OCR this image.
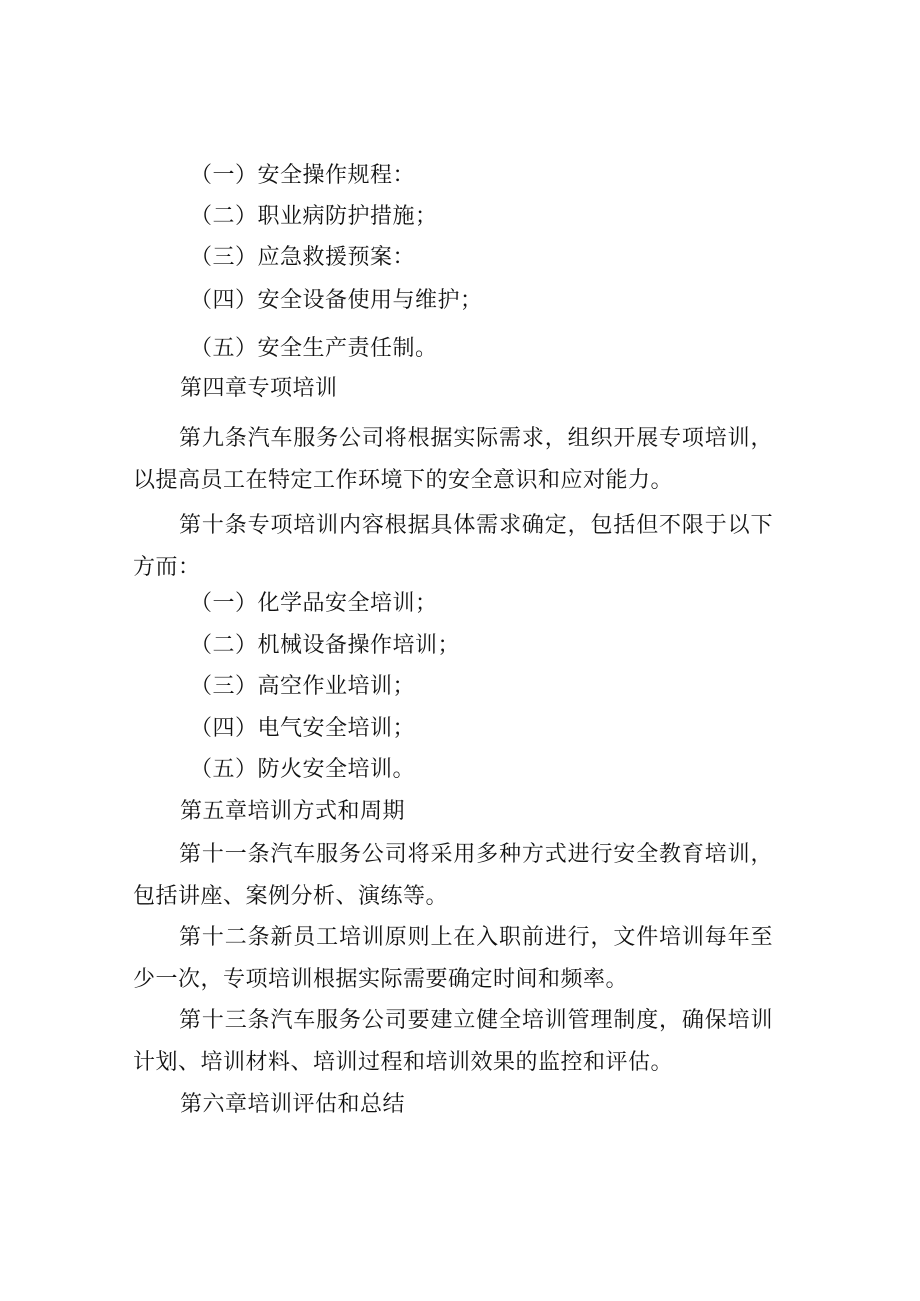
（一）安全操作规程：
（二）职业病防护措施；
（三）应急救援预案：
（四）安全设备使用与维护；
（五）安全生产责任制。
第四章专项培训
第九条汽车服务公司将根据实际需求，组织开展专项培训，以提高员工在特定工作环境下的安全意识和应对能力。
第十条专项培训内容根据具体需求确定，包括但不限于以下方而：
（一）化学品安全培训；
（二）机械设备操作培训；
（三）高空作业培训；
（四）电气安全培训；
（五）防火安全培训。
第五章培训方式和周期
第十一条汽车服务公司将采用多种方式进行安全教育培训，包括讲座、案例分析、演练等。
第十二条新员工培训原则上在入职前进行，文件培训每年至少一次，专项培训根据实际需要确定时间和频率。
第十三条汽车服务公司要建立健全培训管理制度，确保培训计划、培训材料、培训过程和培训效果的监控和评估。
第六章培训评估和总结
